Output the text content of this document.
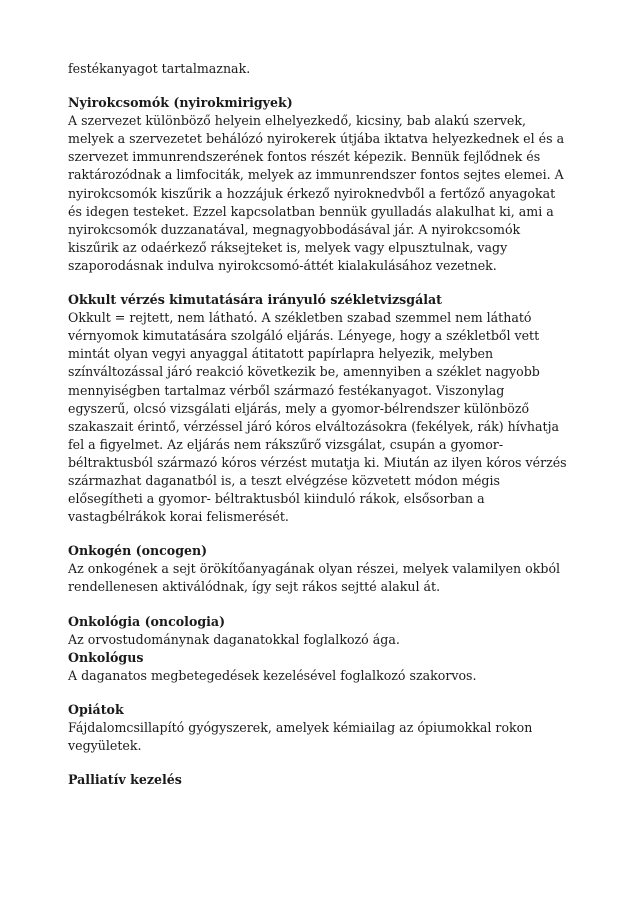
festékanyagot tartalmaznak.

Nyirokcsomók (nyirokmirigyek)

A szervezet különböző helyein elhelyezkedő, kicsiny, bab alakú szervek, melyek a szervezetet behálózó nyirokerek útjába iktatva helyezkednek el és a szervezet immunrendszerének fontos részét képezik. Bennük fejlődnek és raktározódnak a limfociták, melyek az immunrendszer fontos sejtes elemei. A nyirokcsomók kiszűrik a hozzájuk érkező nyiroknedvből a fertőző anyagokat és idegen testeket. Ezzel kapcsolatban bennük gyulladás alakulhat ki, ami a nyirokcsomók duzzanatával, megnagyobbodásával jár. A nyirokcsomók kiszűrik az odaérkező ráksejteket is, melyek vagy elpusztulnak, vagy szaporodásnak indulva nyirokcsomó-áttét kialakulásához vezetnek.

Okkult vérzés kimutatására irányuló székletvizsgálat

Okkult = rejtett, nem látható. A székletben szabad szemmel nem látható vérnyomok kimutatására szolgáló eljárás. Lényege, hogy a székletből vett mintát olyan vegyi anyaggal átitatott papírlapra helyezik, melyben színváltozással járó reakció következik be, amennyiben a széklet nagyobb mennyiségben tartalmaz vérből származó festékanyagot. Viszonylag egyszerű, olcsó vizsgálati eljárás, mely a gyomor-bélrendszer különböző szakaszait érintő, vérzéssel járó kóros elváltozásokra (fekélyek, rák) hívhatja fel a figyelmet. Az eljárás nem rákszűrő vizsgálat, csupán a gyomor-béltraktusból származó kóros vérzést mutatja ki. Miután az ilyen kóros vérzés származhat daganatból is, a teszt elvégzése közvetett módon mégis elősegítheti a gyomor- béltraktusból kiinduló rákok, elsősorban a vastagbélrákok korai felismerését.

Onkogén (oncogen)

Az onkogének a sejt örökítőanyagának olyan részei, melyek valamilyen okból rendellenesen aktiválódnak, így sejt rákos sejtté alakul át.

Onkológia (oncologia)

Az orvostudománynak daganatokkal foglalkozó ága.

Onkológus

A daganatos megbetegedések kezelésével foglalkozó szakorvos.

Opiátok

Fájdalomcsillapító gyógyszerek, amelyek kémiailag az ópiumokkal rokon vegyületek.

Palliatív kezelés
